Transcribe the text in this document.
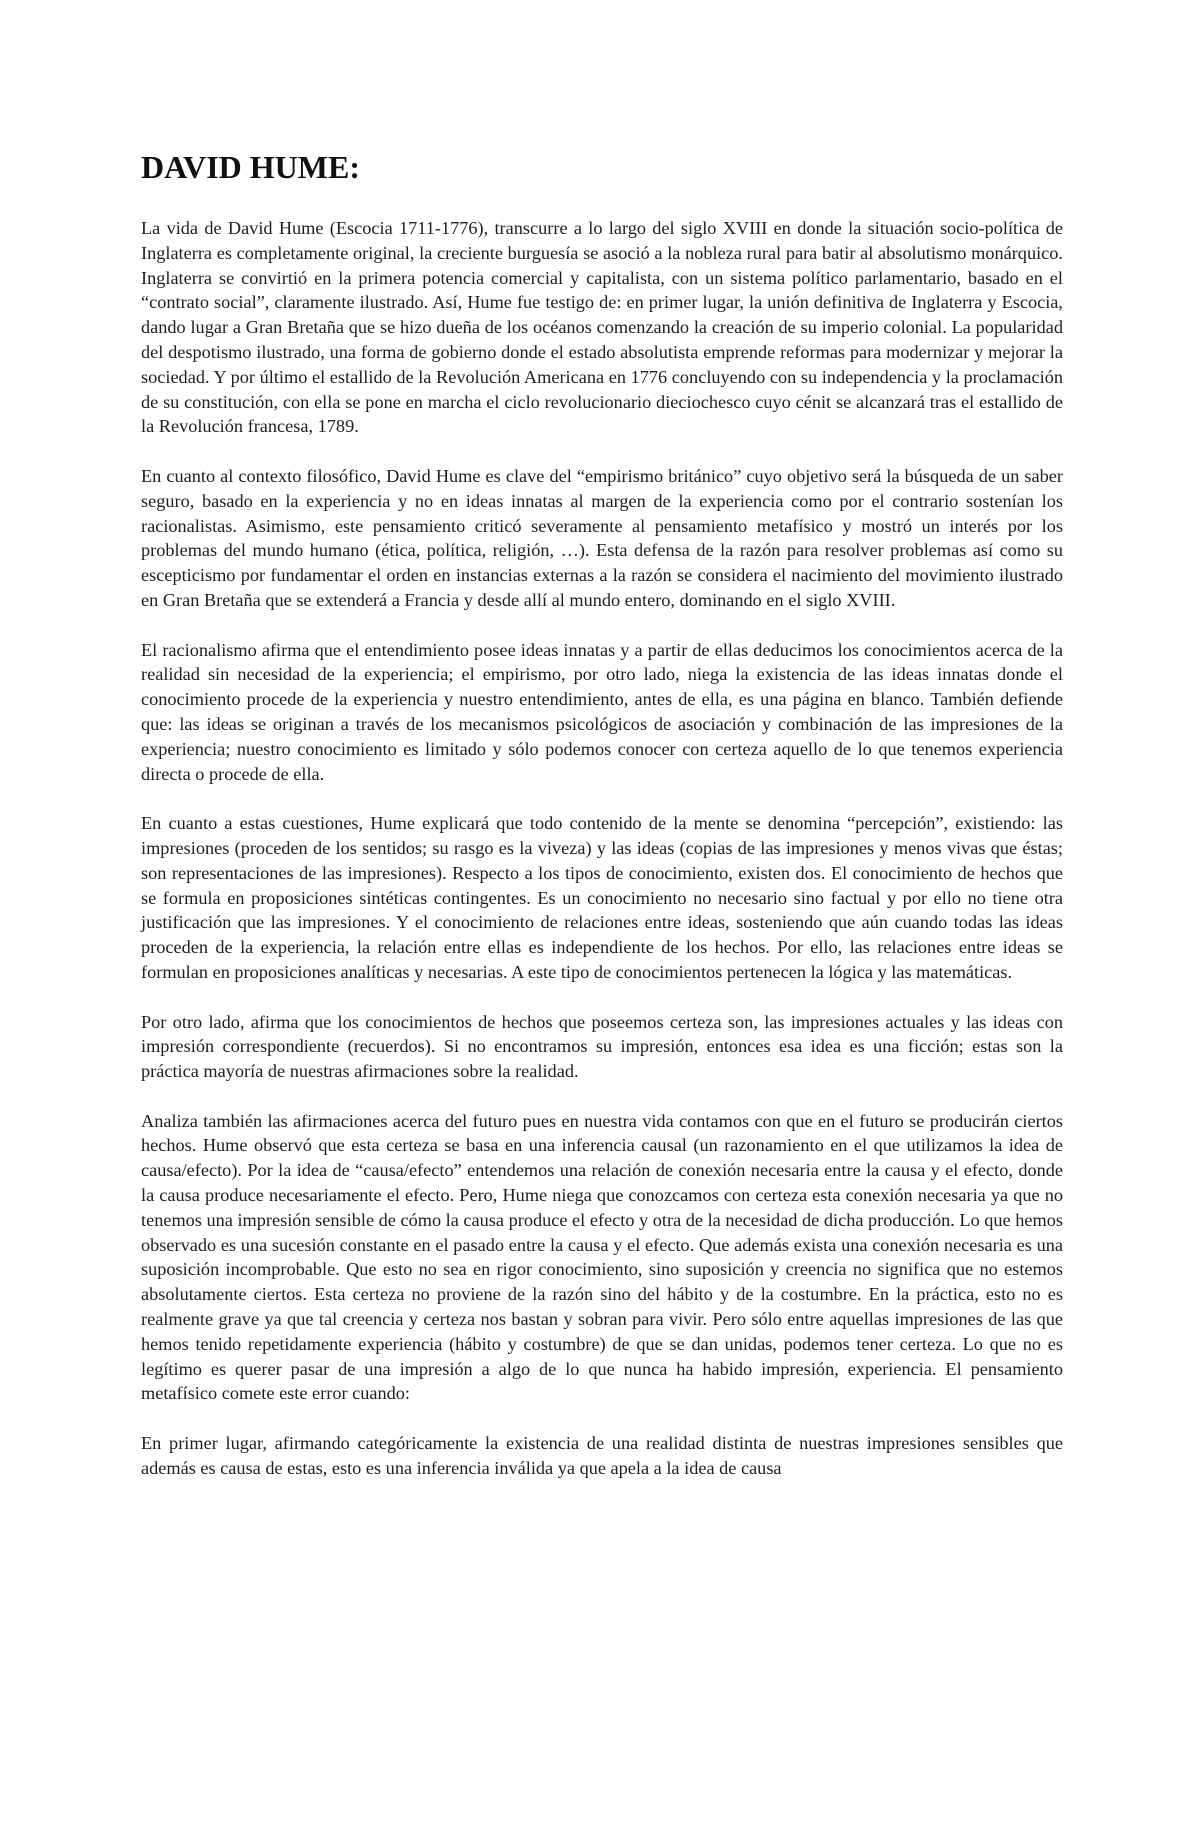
DAVID HUME:

La vida de David Hume (Escocia 1711-1776), transcurre a lo largo del siglo XVIII en donde la situación socio-política de Inglaterra es completamente original, la creciente burguesía se asoció a la nobleza rural para batir al absolutismo monárquico. Inglaterra se convirtió en la primera potencia comercial y capitalista, con un sistema político parlamentario, basado en el “contrato social”, claramente ilustrado. Así, Hume fue testigo de: en primer lugar, la unión definitiva de Inglaterra y Escocia, dando lugar a Gran Bretaña que se hizo dueña de los océanos comenzando la creación de su imperio colonial. La popularidad del despotismo ilustrado, una forma de gobierno donde el estado absolutista emprende reformas para modernizar y mejorar la sociedad. Y por último el estallido de la Revolución Americana en 1776 concluyendo con su independencia y la proclamación de su constitución, con ella se pone en marcha el ciclo revolucionario dieciochesco cuyo cénit se alcanzará tras el estallido de la Revolución francesa, 1789.

En cuanto al contexto filosófico, David Hume es clave del “empirismo británico” cuyo objetivo será la búsqueda de un saber seguro, basado en la experiencia y no en ideas innatas al margen de la experiencia como por el contrario sostenían los racionalistas. Asimismo, este pensamiento criticó severamente al pensamiento metafísico y mostró un interés por los problemas del mundo humano (ética, política, religión, …). Esta defensa de la razón para resolver problemas así como su escepticismo por fundamentar el orden en instancias externas a la razón se considera el nacimiento del movimiento ilustrado en Gran Bretaña que se extenderá a Francia y desde allí al mundo entero, dominando en el siglo XVIII.

El racionalismo afirma que el entendimiento posee ideas innatas y a partir de ellas deducimos los conocimientos acerca de la realidad sin necesidad de la experiencia; el empirismo, por otro lado, niega la existencia de las ideas innatas donde el conocimiento procede de la experiencia y nuestro entendimiento, antes de ella, es una página en blanco. También defiende que: las ideas se originan a través de los mecanismos psicológicos de asociación y combinación de las impresiones de la experiencia; nuestro conocimiento es limitado y sólo podemos conocer con certeza aquello de lo que tenemos experiencia directa o procede de ella.

En cuanto a estas cuestiones, Hume explicará que todo contenido de la mente se denomina “percepción”, existiendo: las impresiones (proceden de los sentidos; su rasgo es la viveza) y las ideas (copias de las impresiones y menos vivas que éstas; son representaciones de las impresiones). Respecto a los tipos de conocimiento, existen dos. El conocimiento de hechos que se formula en proposiciones sintéticas contingentes. Es un conocimiento no necesario sino factual y por ello no tiene otra justificación que las impresiones. Y el conocimiento de relaciones entre ideas, sosteniendo que aún cuando todas las ideas proceden de la experiencia, la relación entre ellas es independiente de los hechos. Por ello, las relaciones entre ideas se formulan en proposiciones analíticas y necesarias. A este tipo de conocimientos pertenecen la lógica y las matemáticas.

Por otro lado, afirma que los conocimientos de hechos que poseemos certeza son, las impresiones actuales y las ideas con impresión correspondiente (recuerdos). Si no encontramos su impresión, entonces esa idea es una ficción; estas son la práctica mayoría de nuestras afirmaciones sobre la realidad.

Analiza también las afirmaciones acerca del futuro pues en nuestra vida contamos con que en el futuro se producirán ciertos hechos. Hume observó que esta certeza se basa en una inferencia causal (un razonamiento en el que utilizamos la idea de causa/efecto). Por la idea de “causa/efecto” entendemos una relación de conexión necesaria entre la causa y el efecto, donde la causa produce necesariamente el efecto. Pero, Hume niega que conozcamos con certeza esta conexión necesaria ya que no tenemos una impresión sensible de cómo la causa produce el efecto y otra de la necesidad de dicha producción. Lo que hemos observado es una sucesión constante en el pasado entre la causa y el efecto. Que además exista una conexión necesaria es una suposición incomprobable. Que esto no sea en rigor conocimiento, sino suposición y creencia no significa que no estemos absolutamente ciertos. Esta certeza no proviene de la razón sino del hábito y de la costumbre. En la práctica, esto no es realmente grave ya que tal creencia y certeza nos bastan y sobran para vivir. Pero sólo entre aquellas impresiones de las que hemos tenido repetidamente experiencia (hábito y costumbre) de que se dan unidas, podemos tener certeza. Lo que no es legítimo es querer pasar de una impresión a algo de lo que nunca ha habido impresión, experiencia. El pensamiento metafísico comete este error cuando:

En primer lugar, afirmando categóricamente la existencia de una realidad distinta de nuestras impresiones sensibles que además es causa de estas, esto es una inferencia inválida ya que apela a la idea de causa
